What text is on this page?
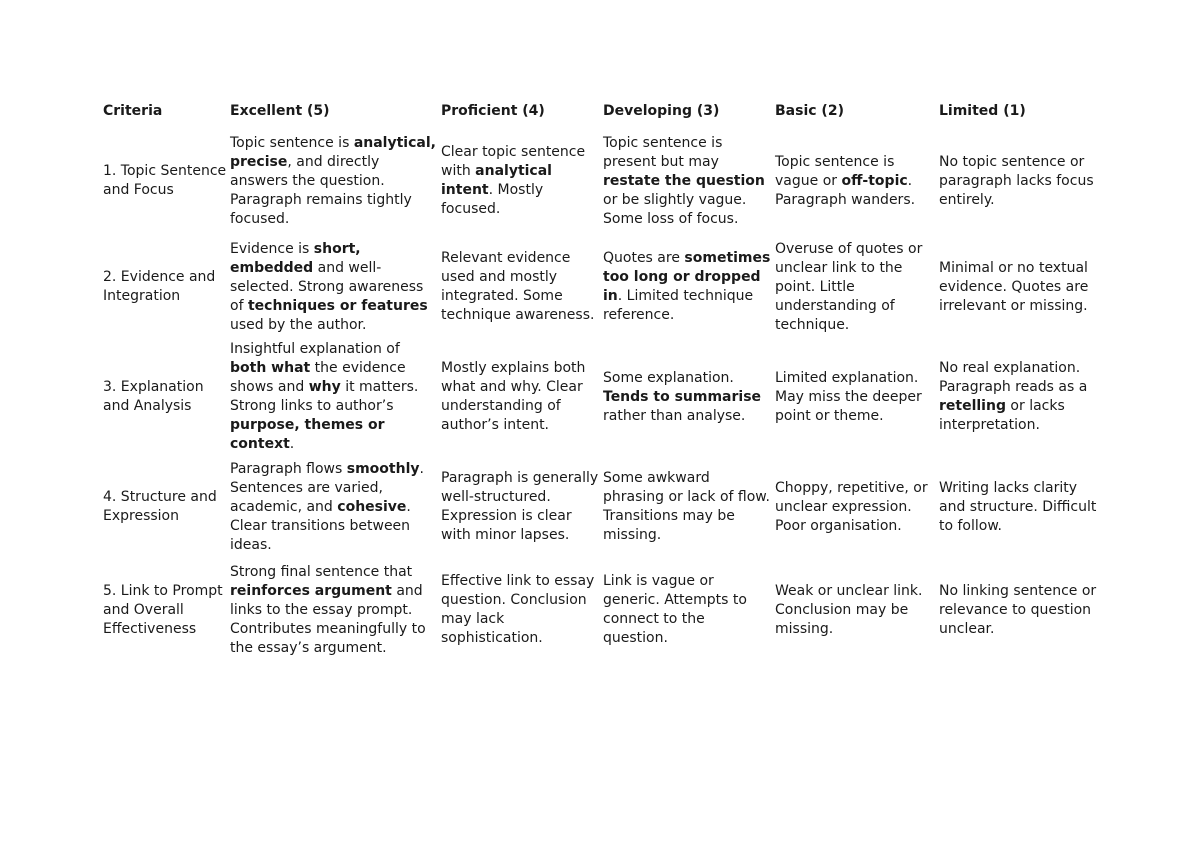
Criteria	Excellent (5)	Proficient (4)	Developing (3)	Basic (2)	Limited (1)
1. Topic Sentence and Focus	Topic sentence is analytical, precise, and directly answers the question. Paragraph remains tightly focused.	Clear topic sentence with analytical intent. Mostly focused.	Topic sentence is present but may restate the question or be slightly vague. Some loss of focus.	Topic sentence is vague or off-topic. Paragraph wanders.	No topic sentence or paragraph lacks focus entirely.
2. Evidence and Integration	Evidence is short, embedded and well-selected. Strong awareness of techniques or features used by the author.	Relevant evidence used and mostly integrated. Some technique awareness.	Quotes are sometimes too long or dropped in. Limited technique reference.	Overuse of quotes or unclear link to the point. Little understanding of technique.	Minimal or no textual evidence. Quotes are irrelevant or missing.
3. Explanation and Analysis	Insightful explanation of both what the evidence shows and why it matters. Strong links to author’s purpose, themes or context.	Mostly explains both what and why. Clear understanding of author’s intent.	Some explanation. Tends to summarise rather than analyse.	Limited explanation. May miss the deeper point or theme.	No real explanation. Paragraph reads as a retelling or lacks interpretation.
4. Structure and Expression	Paragraph flows smoothly. Sentences are varied, academic, and cohesive. Clear transitions between ideas.	Paragraph is generally well-structured. Expression is clear with minor lapses.	Some awkward phrasing or lack of flow. Transitions may be missing.	Choppy, repetitive, or unclear expression. Poor organisation.	Writing lacks clarity and structure. Difficult to follow.
5. Link to Prompt and Overall Effectiveness	Strong final sentence that reinforces argument and links to the essay prompt. Contributes meaningfully to the essay’s argument.	Effective link to essay question. Conclusion may lack sophistication.	Link is vague or generic. Attempts to connect to the question.	Weak or unclear link. Conclusion may be missing.	No linking sentence or relevance to question unclear.
